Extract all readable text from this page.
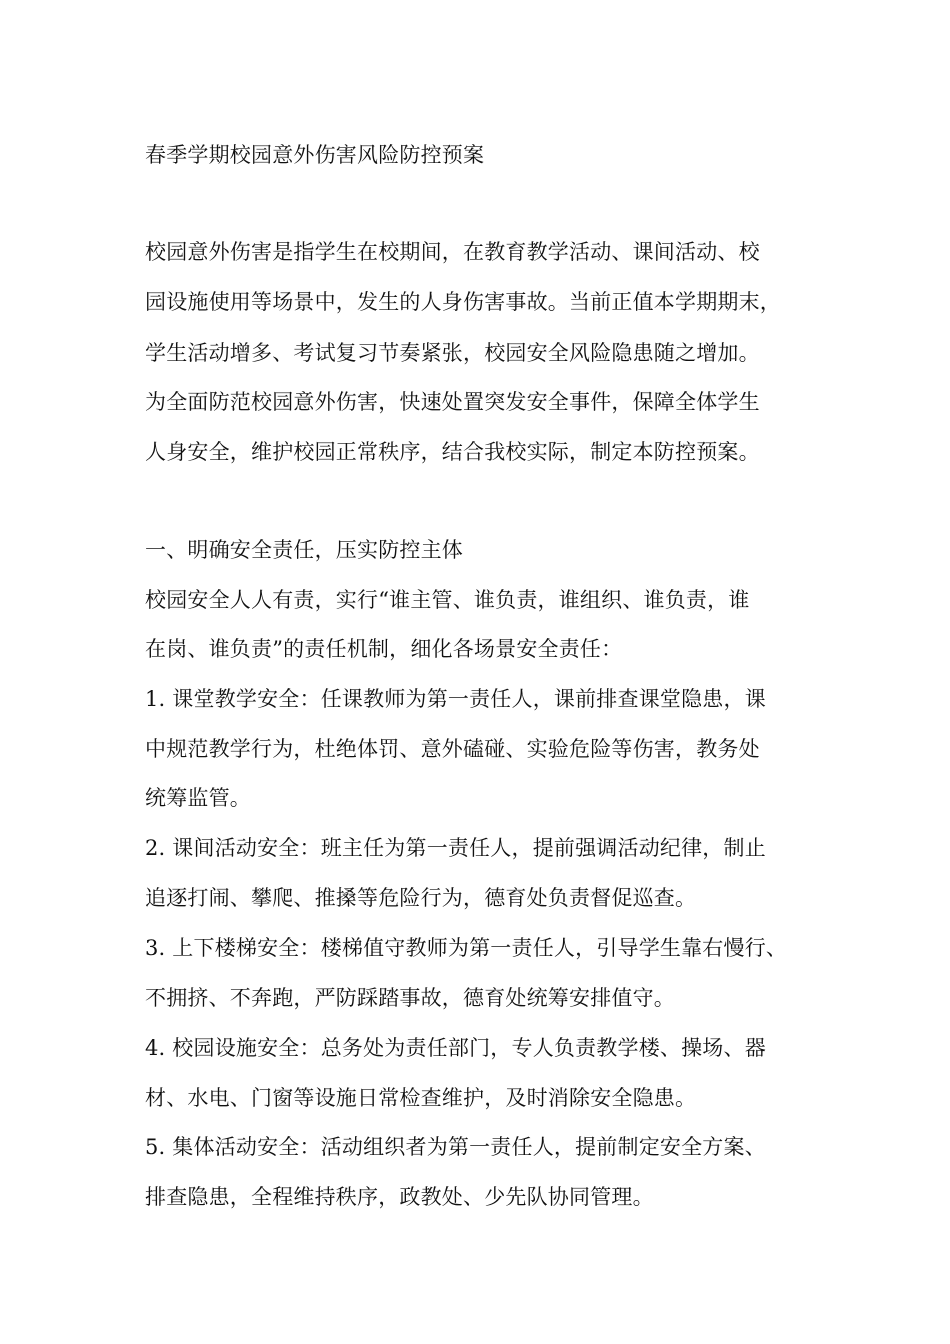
春季学期校园意外伤害风险防控预案
校园意外伤害是指学生在校期间，在教育教学活动、课间活动、校
园设施使用等场景中，发生的人身伤害事故。当前正值本学期期末，
学生活动增多、考试复习节奏紧张，校园安全风险隐患随之增加。
为全面防范校园意外伤害，快速处置突发安全事件，保障全体学生
人身安全，维护校园正常秩序，结合我校实际，制定本防控预案。
一、明确安全责任，压实防控主体
校园安全人人有责，实行“谁主管、谁负责，谁组织、谁负责，谁
在岗、谁负责”的责任机制，细化各场景安全责任：
1. 课堂教学安全：任课教师为第一责任人，课前排查课堂隐患，课
中规范教学行为，杜绝体罚、意外磕碰、实验危险等伤害，教务处
统筹监管。
2. 课间活动安全：班主任为第一责任人，提前强调活动纪律，制止
追逐打闹、攀爬、推搡等危险行为，德育处负责督促巡查。
3. 上下楼梯安全：楼梯值守教师为第一责任人，引导学生靠右慢行、
不拥挤、不奔跑，严防踩踏事故，德育处统筹安排值守。
4. 校园设施安全：总务处为责任部门，专人负责教学楼、操场、器
材、水电、门窗等设施日常检查维护，及时消除安全隐患。
5. 集体活动安全：活动组织者为第一责任人，提前制定安全方案、
排查隐患，全程维持秩序，政教处、少先队协同管理。
